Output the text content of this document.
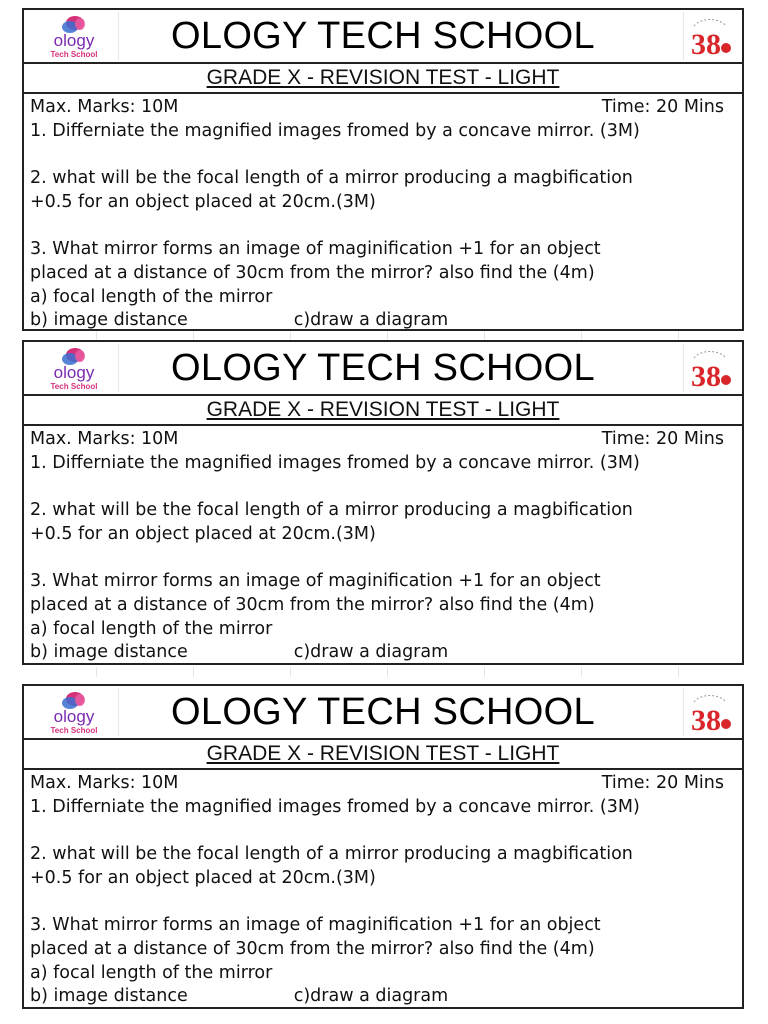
ology
Tech School	OLOGY TECH SCHOOL	38
GRADE X - REVISION TEST - LIGHT
Max. Marks: 10M	Time: 20 Mins
1. Differniate the magnified images fromed by a concave mirror. (3M)
2. what will be the focal length of a mirror producing a magbification
+0.5 for an object placed at 20cm.(3M)
3. What mirror forms an image of maginification +1 for an object
placed at a distance of 30cm from the mirror? also find the (4m)
a) focal length of the mirror
b) image distance	c)draw a diagram
ology
Tech School	OLOGY TECH SCHOOL	38
GRADE X - REVISION TEST - LIGHT
Max. Marks: 10M	Time: 20 Mins
1. Differniate the magnified images fromed by a concave mirror. (3M)
2. what will be the focal length of a mirror producing a magbification
+0.5 for an object placed at 20cm.(3M)
3. What mirror forms an image of maginification +1 for an object
placed at a distance of 30cm from the mirror? also find the (4m)
a) focal length of the mirror
b) image distance	c)draw a diagram
ology
Tech School	OLOGY TECH SCHOOL	38
GRADE X - REVISION TEST - LIGHT
Max. Marks: 10M	Time: 20 Mins
1. Differniate the magnified images fromed by a concave mirror. (3M)
2. what will be the focal length of a mirror producing a magbification
+0.5 for an object placed at 20cm.(3M)
3. What mirror forms an image of maginification +1 for an object
placed at a distance of 30cm from the mirror? also find the (4m)
a) focal length of the mirror
b) image distance	c)draw a diagram
